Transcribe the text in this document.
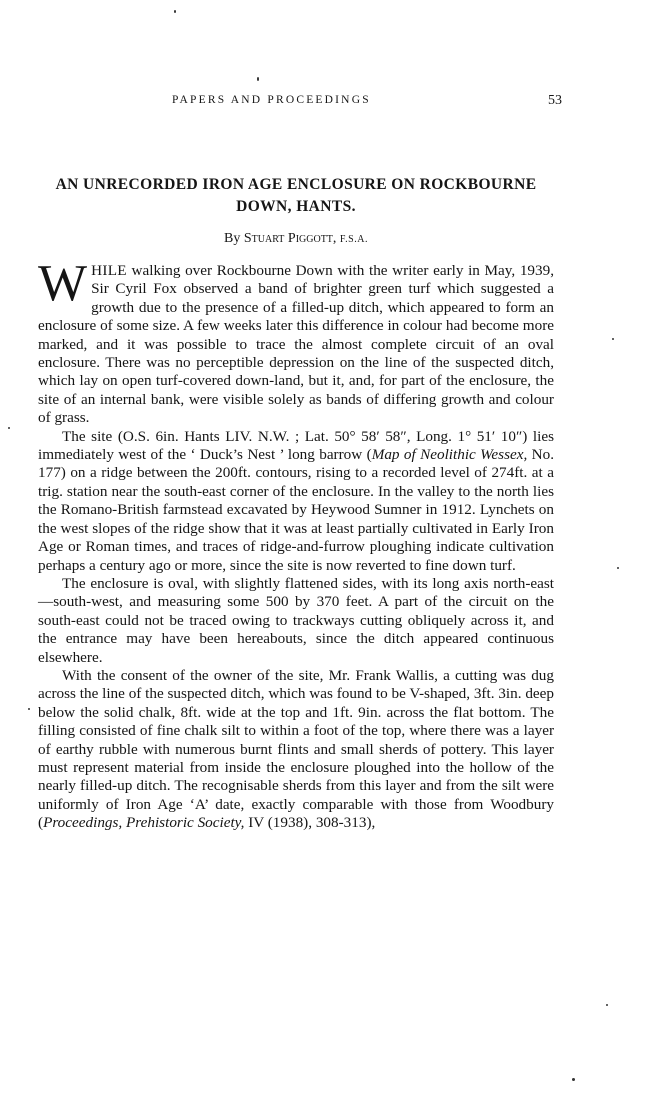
PAPERS AND PROCEEDINGS	53
AN UNRECORDED IRON AGE ENCLOSURE ON ROCKBOURNE DOWN, HANTS.
By Stuart Piggott, F.S.A.

WHILE walking over Rockbourne Down with the writer early in May, 1939, Sir Cyril Fox observed a band of brighter green turf which suggested a growth due to the presence of a filled-up ditch, which appeared to form an enclosure of some size. A few weeks later this difference in colour had become more marked, and it was possible to trace the almost complete circuit of an oval enclosure. There was no perceptible depression on the line of the suspected ditch, which lay on open turf-covered down-land, but it, and, for part of the enclosure, the site of an internal bank, were visible solely as bands of differing growth and colour of grass.

The site (O.S. 6in. Hants LIV. N.W. ; Lat. 50° 58′ 58″, Long. 1° 51′ 10″) lies immediately west of the ‘ Duck’s Nest ’ long barrow (Map of Neolithic Wessex, No. 177) on a ridge between the 200ft. contours, rising to a recorded level of 274ft. at a trig. station near the south-east corner of the enclosure. In the valley to the north lies the Romano-British farmstead excavated by Heywood Sumner in 1912. Lynchets on the west slopes of the ridge show that it was at least partially cultivated in Early Iron Age or Roman times, and traces of ridge-and-furrow ploughing indicate cultivation perhaps a century ago or more, since the site is now reverted to fine down turf.

The enclosure is oval, with slightly flattened sides, with its long axis north-east—south-west, and measuring some 500 by 370 feet. A part of the circuit on the south-east could not be traced owing to trackways cutting obliquely across it, and the entrance may have been hereabouts, since the ditch appeared continuous elsewhere.

With the consent of the owner of the site, Mr. Frank Wallis, a cutting was dug across the line of the suspected ditch, which was found to be V-shaped, 3ft. 3in. deep below the solid chalk, 8ft. wide at the top and 1ft. 9in. across the flat bottom. The filling consisted of fine chalk silt to within a foot of the top, where there was a layer of earthy rubble with numerous burnt flints and small sherds of pottery. This layer must represent material from inside the enclosure ploughed into the hollow of the nearly filled-up ditch. The recognisable sherds from this layer and from the silt were uniformly of Iron Age ‘A’ date, exactly comparable with those from Woodbury (Proceedings, Prehistoric Society, IV (1938), 308-313),
